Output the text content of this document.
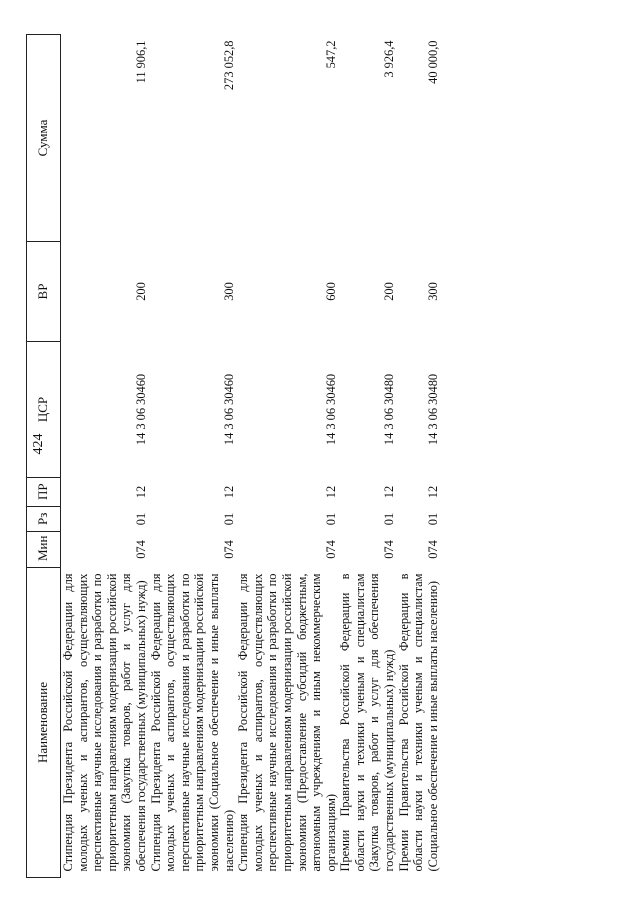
424
Наименование	Мин	Рз	ПР	ЦСР	ВР	Сумма
Стипендия Президента Российской Федерации для молодых ученых и аспирантов, осуществляющих перспективные научные исследования и разработки по приоритетным направлениям модернизации российской экономики (Закупка товаров, работ и услуг для обеспечения государственных (муниципальных) нужд)	074	01	12	14 3 06 30460	200	11 906,1
Стипендия Президента Российской Федерации для молодых ученых и аспирантов, осуществляющих перспективные научные исследования и разработки по приоритетным направлениям модернизации российской экономики (Социальное обеспечение и иные выплаты населению)	074	01	12	14 3 06 30460	300	273 052,8
Стипендия Президента Российской Федерации для молодых ученых и аспирантов, осуществляющих перспективные научные исследования и разработки по приоритетным направлениям модернизации российской экономики (Предоставление субсидий бюджетным, автономным учреждениям и иным некоммерческим организациям)	074	01	12	14 3 06 30460	600	547,2
Премии Правительства Российской Федерации в области науки и техники ученым и специалистам (Закупка товаров, работ и услуг для обеспечения государственных (муниципальных) нужд)	074	01	12	14 3 06 30480	200	3 926,4
Премии Правительства Российской Федерации в области науки и техники ученым и специалистам (Социальное обеспечение и иные выплаты населению)	074	01	12	14 3 06 30480	300	40 000,0
